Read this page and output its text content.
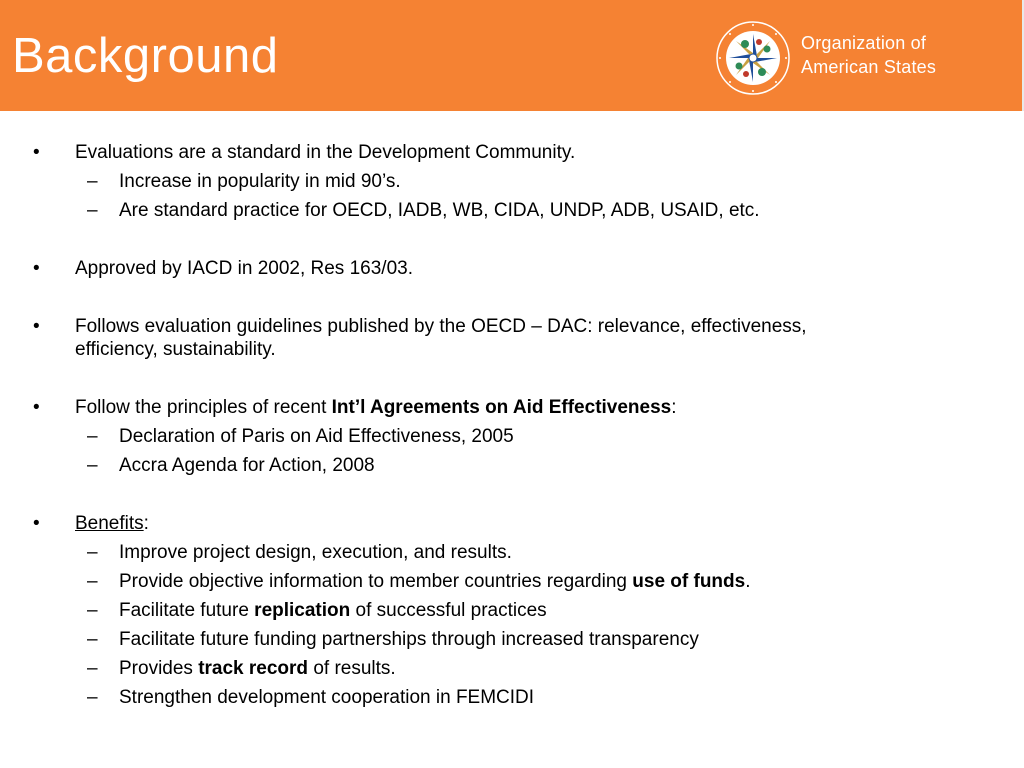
Background	Organization of
American States
• Evaluations are a standard in the Development Community.
– Increase in popularity in mid 90’s.
– Are standard practice for OECD, IADB, WB, CIDA, UNDP, ADB, USAID, etc.
• Approved by IACD in 2002, Res 163/03.
• Follows evaluation guidelines published by the OECD – DAC: relevance, effectiveness,
efficiency, sustainability.
• Follow the principles of recent Int’l Agreements on Aid Effectiveness:
– Declaration of Paris on Aid Effectiveness, 2005
– Accra Agenda for Action, 2008
• Benefits:
– Improve project design, execution, and results.
– Provide objective information to member countries regarding use of funds.
– Facilitate future replication of successful practices
– Facilitate future funding partnerships through increased transparency
– Provides track record of results.
– Strengthen development cooperation in FEMCIDI
